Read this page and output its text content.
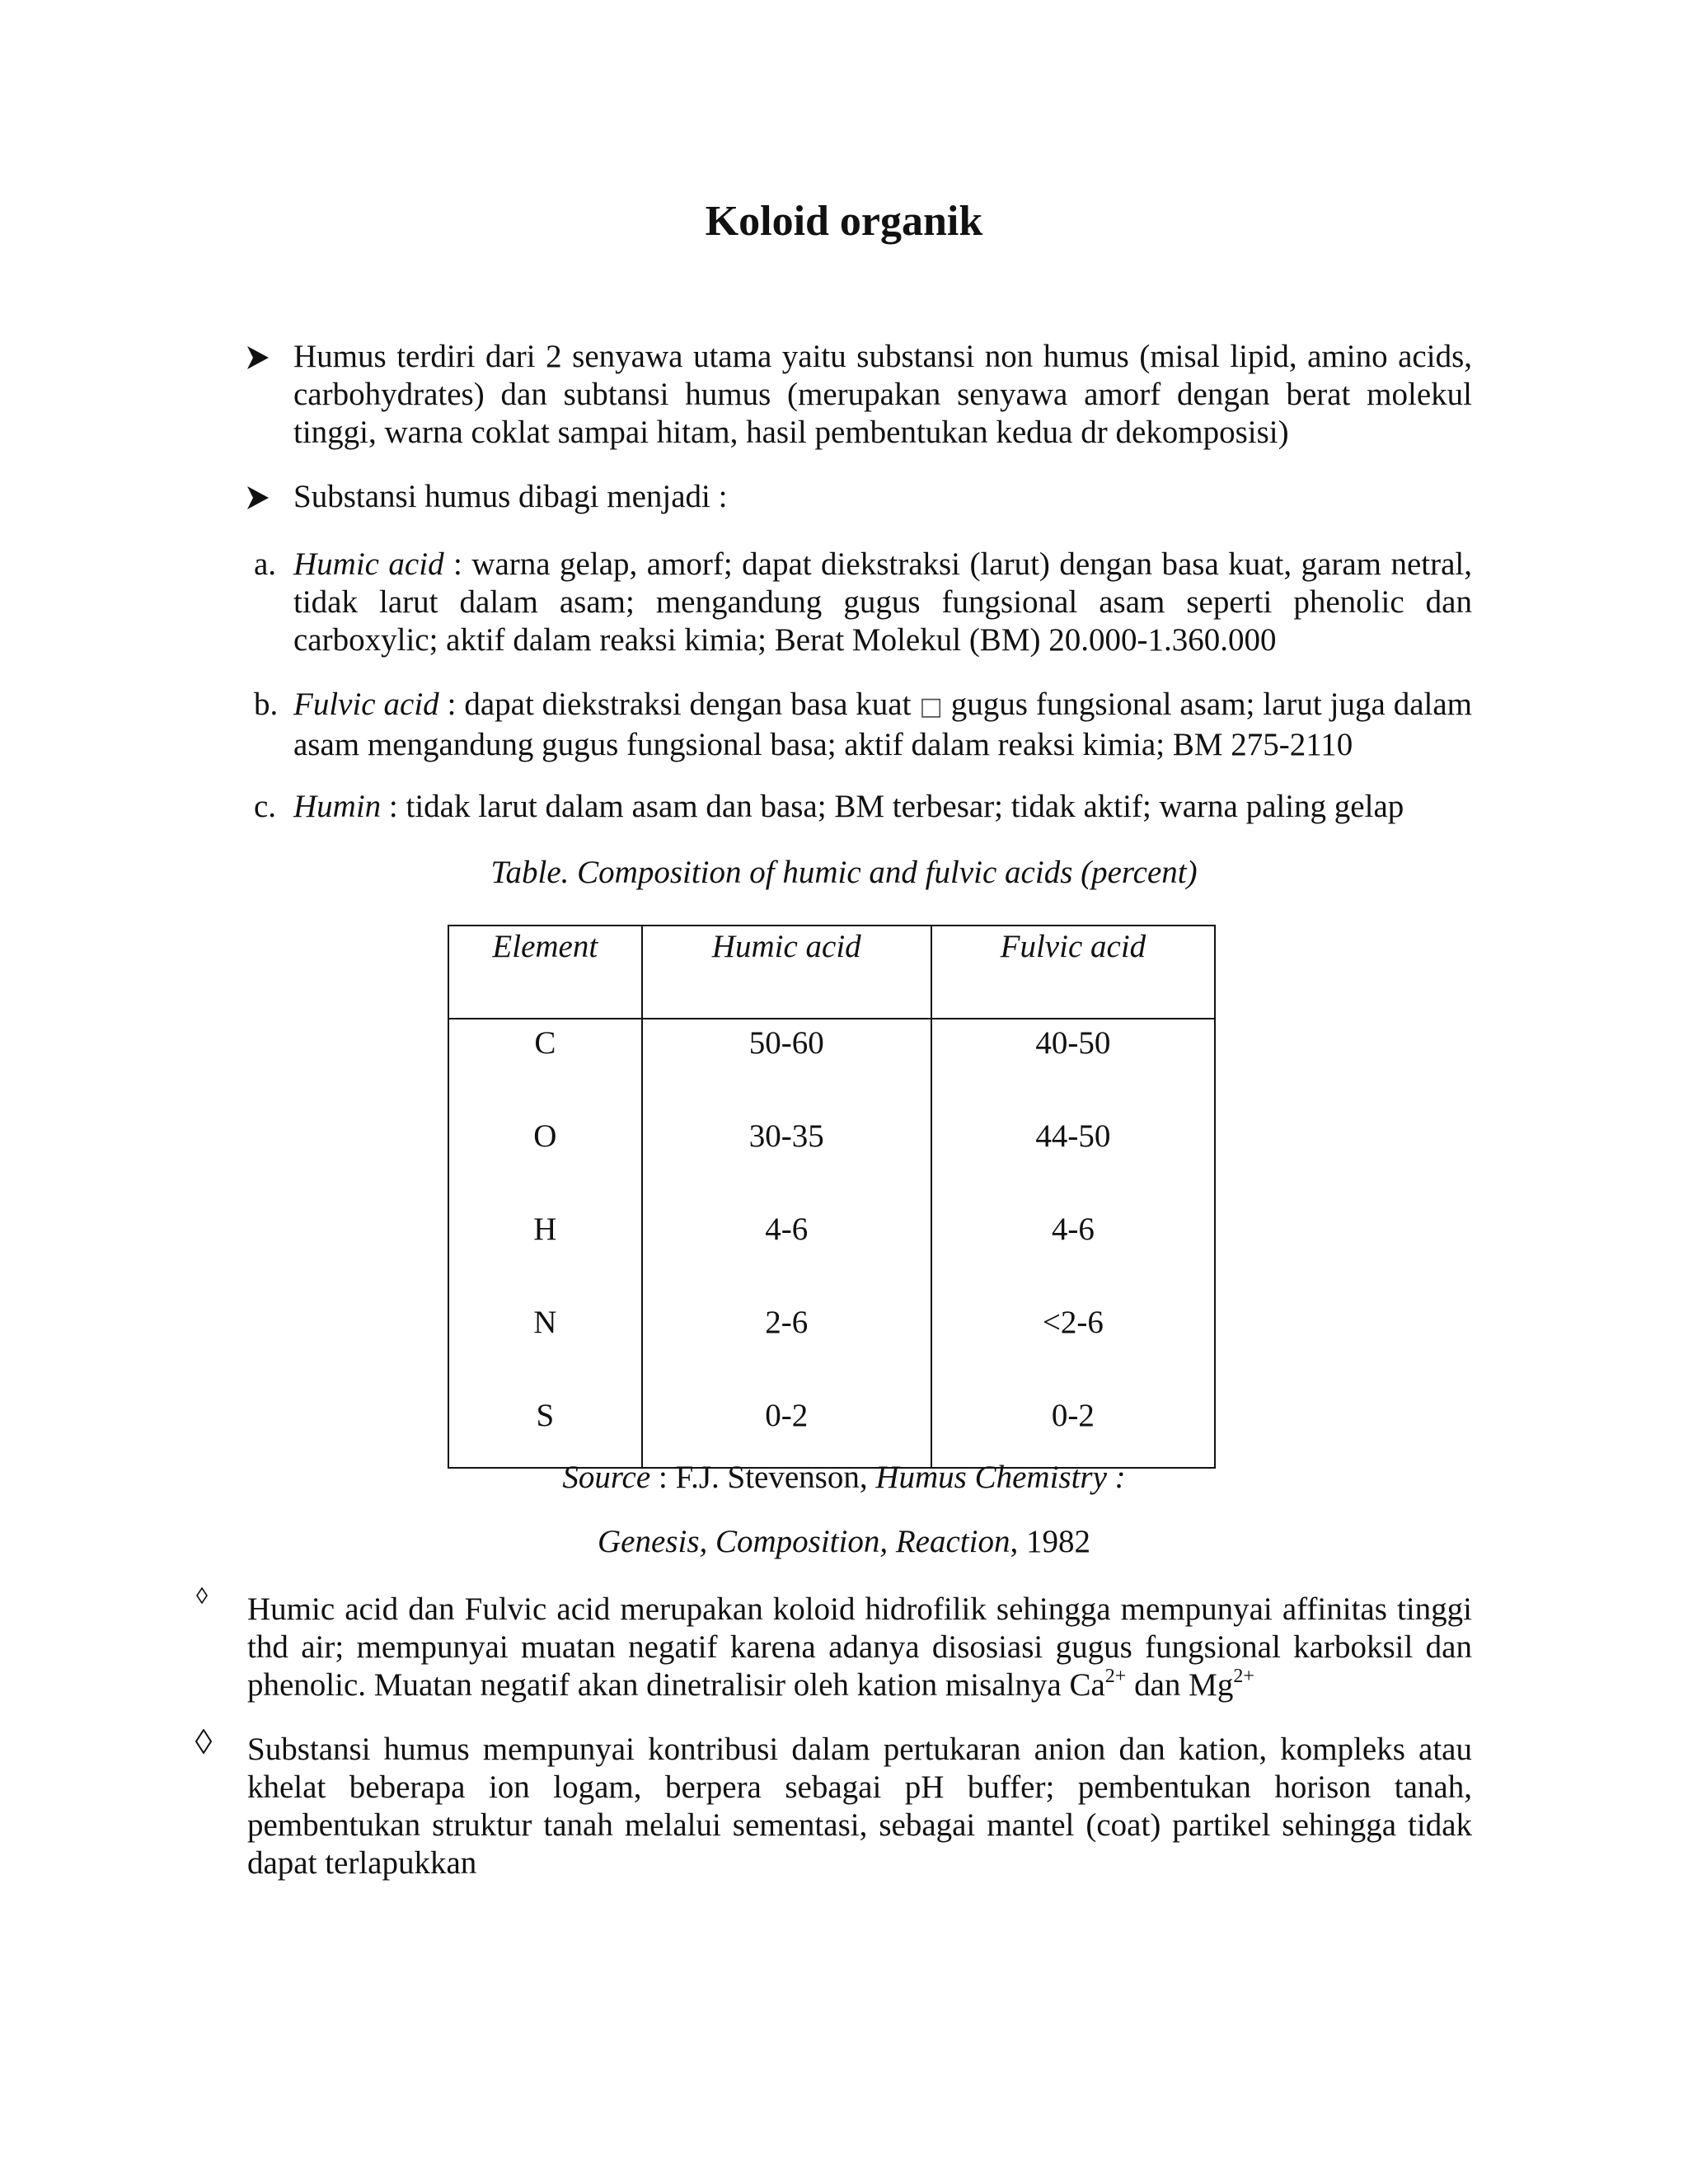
Koloid organik
Humus terdiri dari 2 senyawa utama yaitu substansi non humus (misal lipid, amino acids, carbohydrates) dan subtansi humus (merupakan senyawa amorf dengan berat molekul tinggi, warna coklat sampai hitam, hasil pembentukan kedua dr dekomposisi)
Substansi humus dibagi menjadi :
a. Humic acid : warna gelap, amorf; dapat diekstraksi (larut) dengan basa kuat, garam netral, tidak larut dalam asam; mengandung gugus fungsional asam seperti phenolic dan carboxylic; aktif dalam reaksi kimia; Berat Molekul (BM) 20.000-1.360.000
b. Fulvic acid : dapat diekstraksi dengan basa kuat □ gugus fungsional asam; larut juga dalam asam mengandung gugus fungsional basa; aktif dalam reaksi kimia; BM 275-2110
c. Humin : tidak larut dalam asam dan basa; BM terbesar; tidak aktif; warna paling gelap
Table. Composition of humic and fulvic acids (percent)
Element	Humic acid	Fulvic acid
C	50-60	40-50
O	30-35	44-50
H	4-6	4-6
N	2-6	<2-6
S	0-2	0-2
Source : F.J. Stevenson, Humus Chemistry :
Genesis, Composition, Reaction, 1982
Humic acid dan Fulvic acid merupakan koloid hidrofilik sehingga mempunyai affinitas tinggi thd air; mempunyai muatan negatif karena adanya disosiasi gugus fungsional karboksil dan phenolic. Muatan negatif akan dinetralisir oleh kation misalnya $Ca^{2+}$ dan $Mg^{2+}$
Substansi humus mempunyai kontribusi dalam pertukaran anion dan kation, kompleks atau khelat beberapa ion logam, berpera sebagai pH buffer; pembentukan horison tanah, pembentukan struktur tanah melalui sementasi, sebagai mantel (coat) partikel sehingga tidak dapat terlapukkan
